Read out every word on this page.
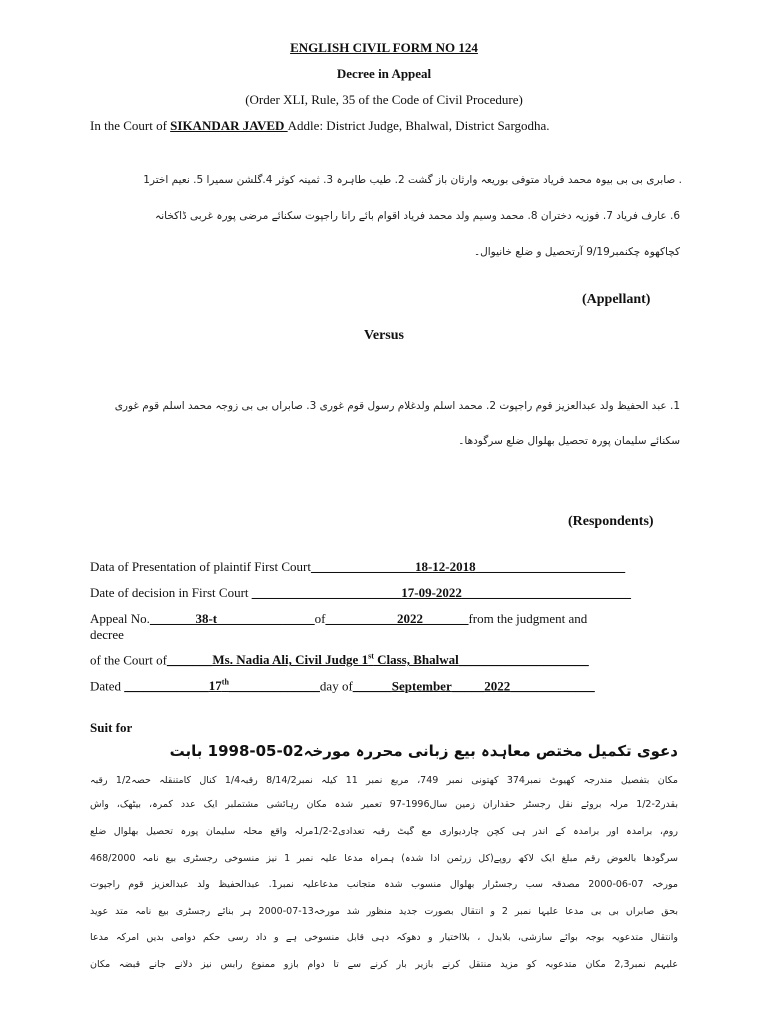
ENGLISH CIVIL FORM NO 124
Decree in Appeal
(Order XLI, Rule, 35 of the Code of Civil Procedure)
In the Court of SIKANDAR JAVED Addle: District Judge, Bhalwal, District Sargodha.
. صابری بی بی بیوہ محمد فریاد متوفی بوریعہ وارثان باز گشت 2. طیب طاہرہ 3. ثمینہ کوثر 4.گلشن سمیرا 5. نعیم اختر1
6. عارف فریاد 7. فوزیہ دختران 8. محمد وسیم ولد محمد فریاد اقوام بائے رانا راجپوت سکنائے مرضی پورہ غربی ڈاکخانہ
کچاکھوہ چکنمبر9/19 آرتحصیل و ضلع خانیوال۔
(Appellant)
Versus
1. عبد الحفیظ ولد عبدالعزیز قوم راجپوت 2. محمد اسلم ولدغلام رسول قوم غوری 3. صابراں بی بی زوجہ محمد اسلم قوم غوری
سکنائے سلیمان پورہ تحصیل بھلوال ضلع سرگودھا۔
(Respondents)
Data of Presentation of plaintif First Court________________18-12-2018_______________________
Date of decision in First Court _______________________17-09-2022__________________________
Appeal No._______38-t_______________of___________2022_______from the judgment and
decree
of the Court of_______Ms. Nadia Ali, Civil Judge 1st Class, Bhalwal____________________
Dated _____________17th______________day of______September_____2022_____________
Suit for
دعوی تکمیل مختص معاہدہ بیع زبانی محررہ مورخہ02-05-1998 بابت
مکان بتفصیل مندرجہ کھیوٹ نمبر374 کھتونی نمبر 749، مربع نمبر 11 کیلہ نمبر8/14/2 رقبہ1/4 کنال کامتنقلہ حصہ1/2 رقبہ
بقدر2-1/2 مرلہ بروئے نقل رجسٹر حقداران زمین سال1996-97 تعمیر شدہ مکان رہائشی مشتملبر ایک عدد کمرہ، بیٹھک، واش
روم، برآمدہ اور برآمدہ کے اندر ہی کچن چاردیواری مع گیٹ رقبہ تعدادی2-1/2مرلہ واقع محلہ سلیمان پورہ تحصیل بھلوال ضلع
سرگودھا بالعوض رقم مبلغ ایک لاکھ روپے(کل زرثمن ادا شدہ) ہمراہ مدعا علیہ نمبر 1 نیز منسوخی رجسٹری بیع نامہ 468/2000
مورخہ 07-06-2000 مصدقہ سب رجسٹرار بھلوال منسوب شدہ متجانب مدعاعلیہ نمبر1. عبدالحفیظ ولد عبدالعزیز قوم راجپوت
بحق صابراں بی بی مدعا علیہا نمبر 2 و انتقال بصورت جدید منظور شد مورخہ13-07-2000 ہر بنائے رجسٹری بیع نامہ متد عوید
وانتقال متدعویہ بوجہ بوائے سازشی، بلابدل ، بلااختیار و دھوکہ دہی قابل منسوخی ہے و داد رسی حکم دوامی بدیں امرکہ مدعا
علیہم نمبر2,3 مکان متدعوبہ کو مزید منتقل کرنے بازیر بار کرنے سے تا دوام بازو ممنوع رابس نیز دلانے جانے قبضہ مکان
